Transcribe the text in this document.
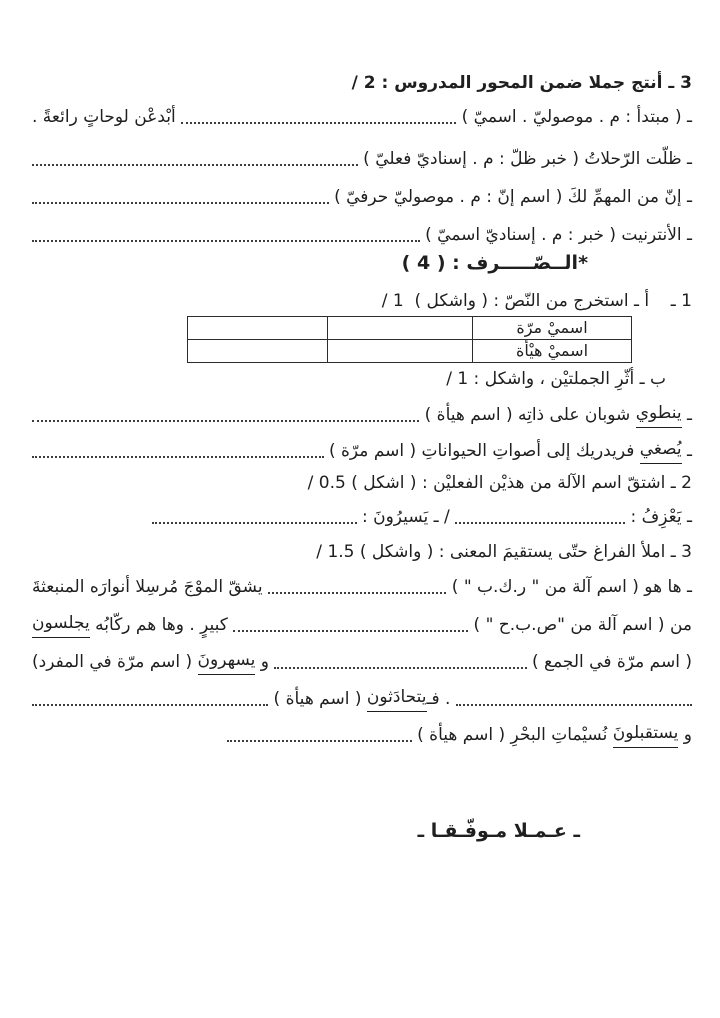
3 ـ أنتج جملا ضمن المحور المدروس : 2 /
ـ ( مبتدأ : م . موصوليّ . اسميّ )
أبْدعْن لوحاتٍ رائعةً .
ـ ظلّت الرّحلاتُ ( خبر ظلّ : م . إسناديّ فعليّ )
ـ إنّ من المهمِّ لكَ ( اسم إنّ : م . موصوليّ حرفيّ )
ـ الأنترنيت ( خبر : م . إسناديّ اسميّ )
*الــصّـــــرف : ( 4 )
1 ـ    أ ـ استخرج من النّصّ : ( واشكل )  1 /
اسميْ مرّة		
اسميْ هيْأة		
ب ـ أثّرِ الجملتيْن ، واشكل : 1 /
ـ
ينطوي
شوبان على ذاتِه ( اسم هيأة )
ـ
يُصغي
فريدريك إلى أصواتِ الحيواناتِ ( اسم مرّة )
2 ـ اشتقّ اسم الآلة من هذيْن الفعليْن : ( اشكل ) 0.5 /
ـ يَعْزِفُ :
/ ـ يَسيرُونَ :
3 ـ املأ الفراغ حتّى يستقيمَ المعنى : ( واشكل ) 1.5 /
ـ ها هو ( اسم آلة من " ر.ك.ب " )
يشقّ الموْجَ مُرسِلا أنوارَه المنبعثةَ
من ( اسم آلة من "ص.ب.ح " )
كبيرٍ . وها هم ركّابُه
يجلسون
( اسم مرّة في الجمع )
و
يسهرونَ
( اسم مرّة في المفرد)
. فـ
يتحادَثون
( اسم هيأة )
و
يستقبلونَ
نُسيْماتِ البحْرِ ( اسم هيأة )
ـ عـمـلا مـوفّـقـا ـ
